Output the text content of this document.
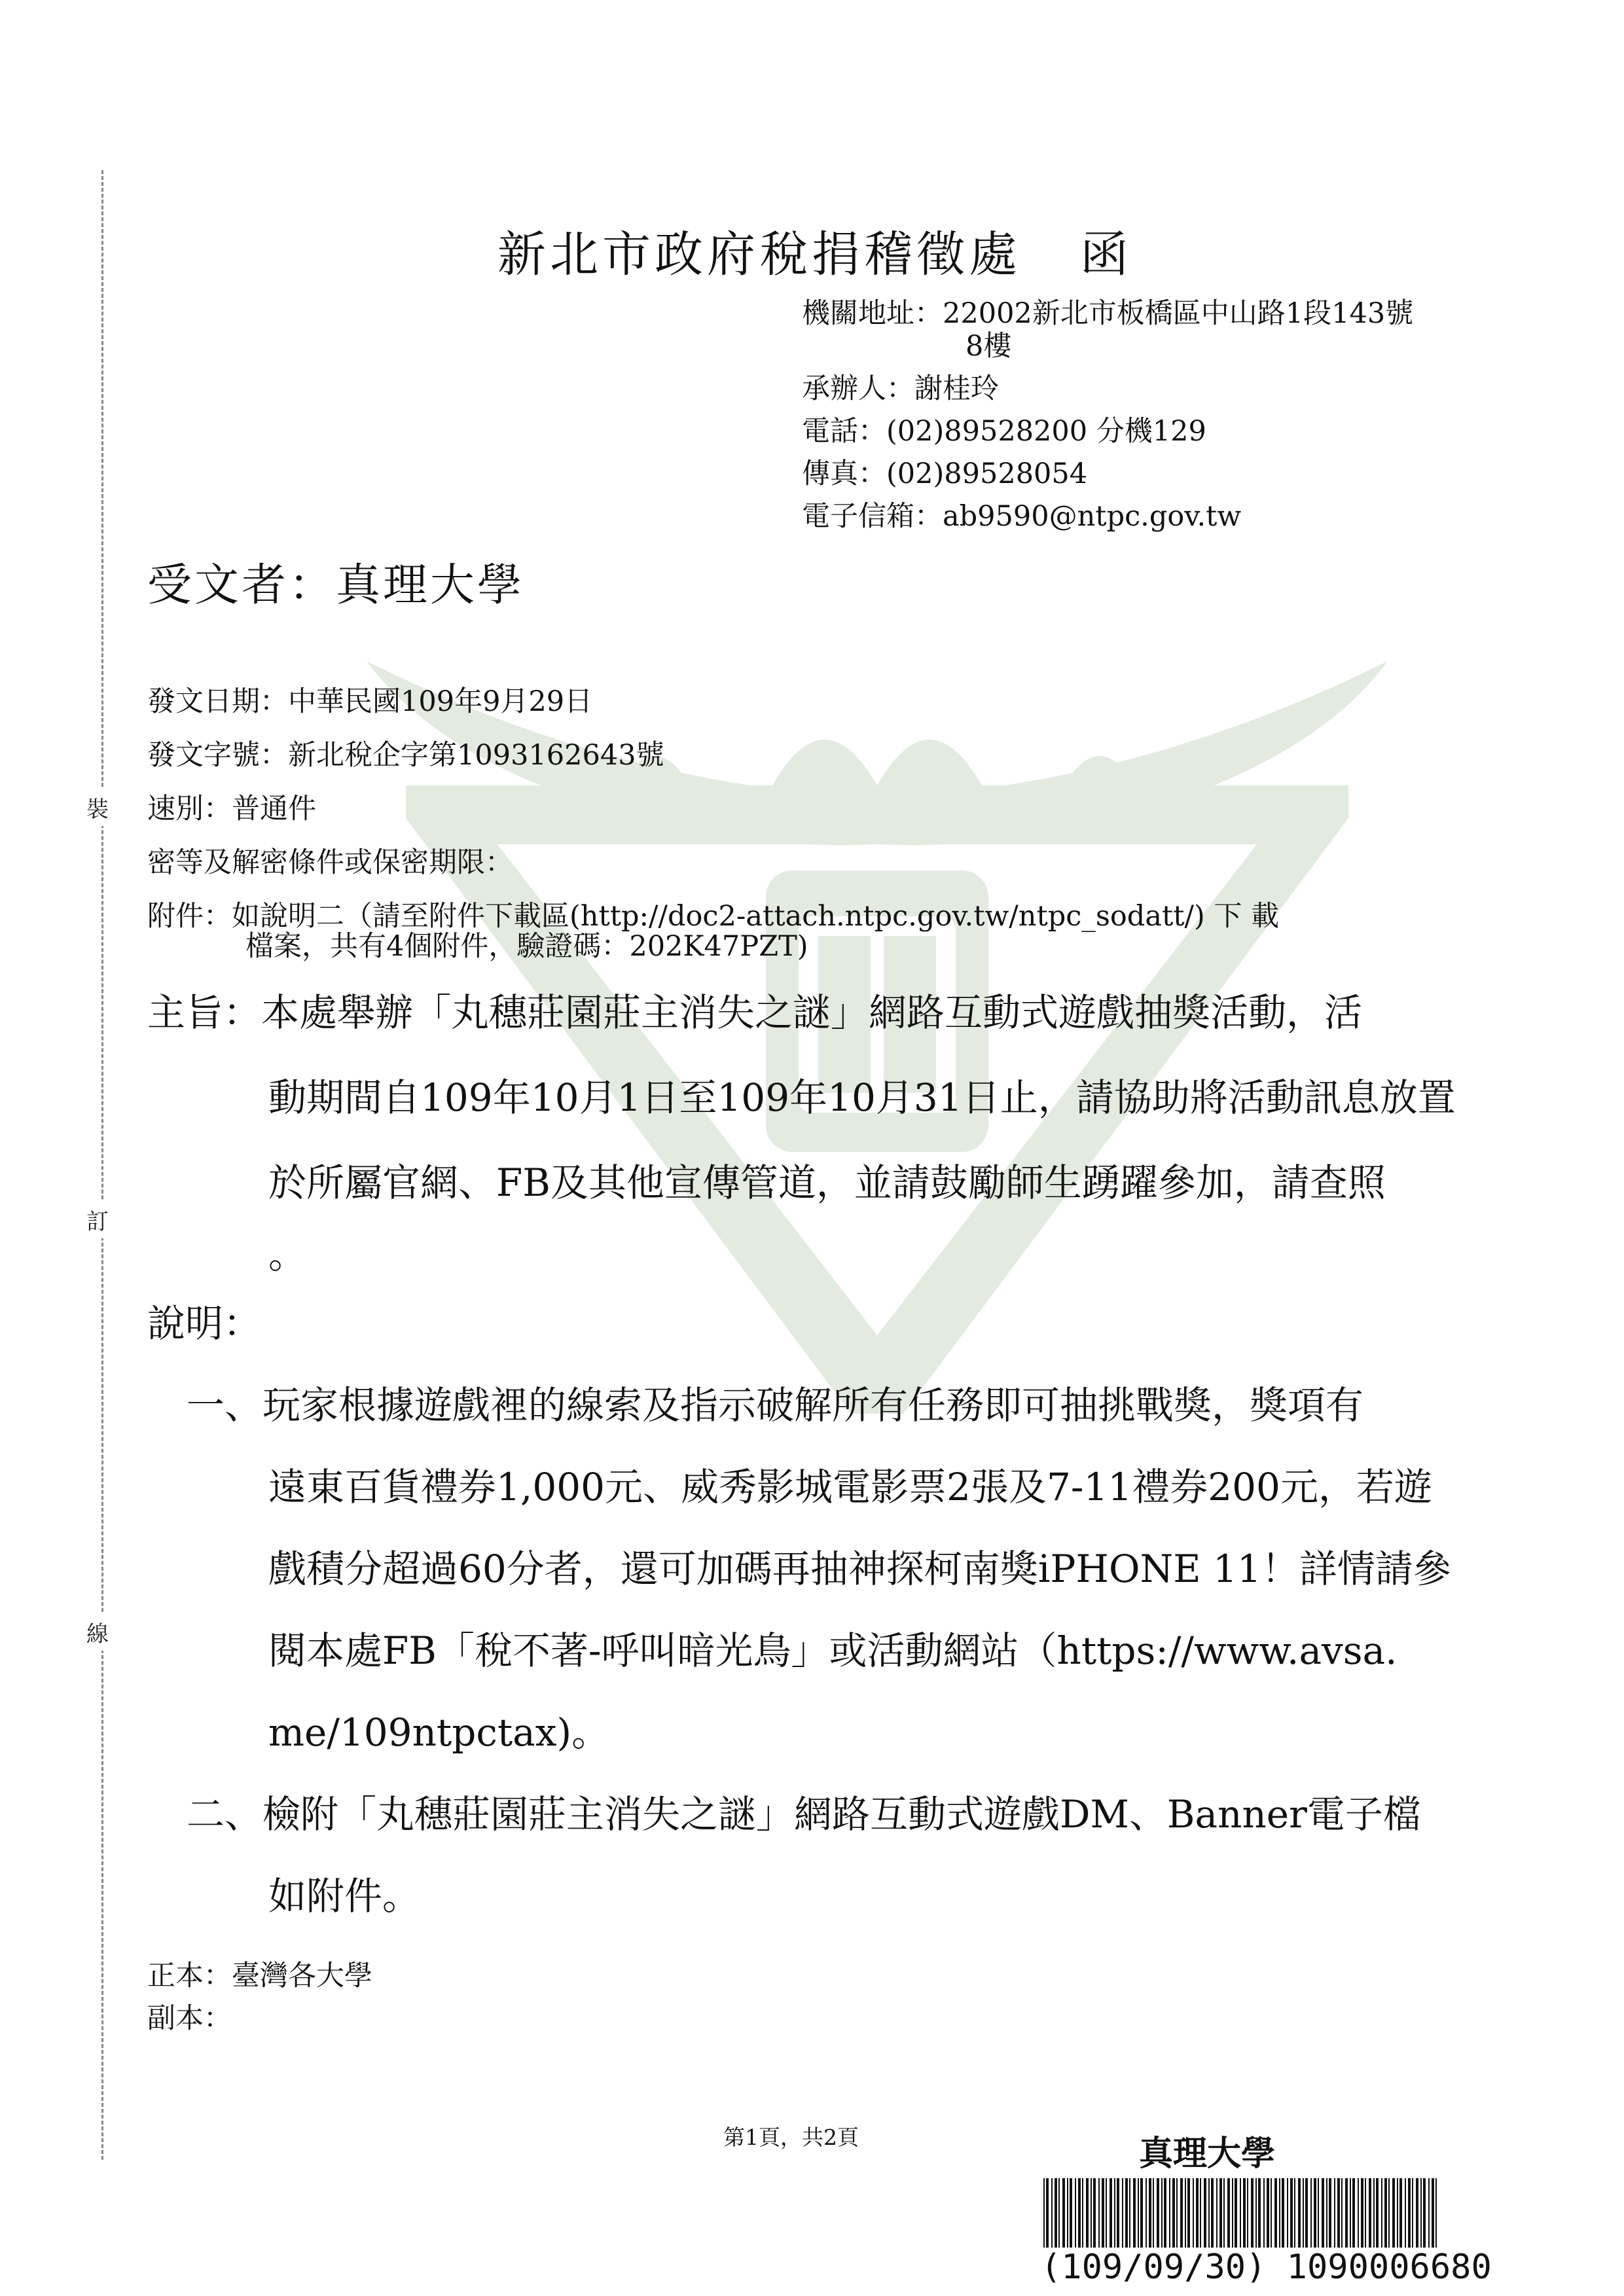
裝
訂
線
新北市政府稅捐稽徵處 函
機關地址：22002新北市板橋區中山路1段143號
8樓
承辦人：謝桂玲
電話：(02)89528200 分機129
傳真：(02)89528054
電子信箱：ab9590@ntpc.gov.tw
受文者：真理大學
發文日期：中華民國109年9月29日
發文字號：新北稅企字第1093162643號
速別：普通件
密等及解密條件或保密期限：
附件：如說明二（請至附件下載區(http://doc2-attach.ntpc.gov.tw/ntpc_sodatt/) 下 載
檔案，共有4個附件，驗證碼：202K47PZT)
主旨：本處舉辦「丸穗莊園莊主消失之謎」網路互動式遊戲抽獎活動，活
動期間自109年10月1日至109年10月31日止，請協助將活動訊息放置
於所屬官網、FB及其他宣傳管道，並請鼓勵師生踴躍參加，請查照
。
說明：
一、玩家根據遊戲裡的線索及指示破解所有任務即可抽挑戰獎，獎項有
遠東百貨禮券1,000元、威秀影城電影票2張及7-11禮券200元，若遊
戲積分超過60分者，還可加碼再抽神探柯南獎iPHONE 11！詳情請參
閱本處FB「稅不著-呼叫暗光鳥」或活動網站（https://www.avsa.
me/109ntpctax)。
二、檢附「丸穗莊園莊主消失之謎」網路互動式遊戲DM、Banner電子檔
如附件。
正本：臺灣各大學
副本：
第1頁，共2頁	真理大學
(109/09/30) 1090006680
